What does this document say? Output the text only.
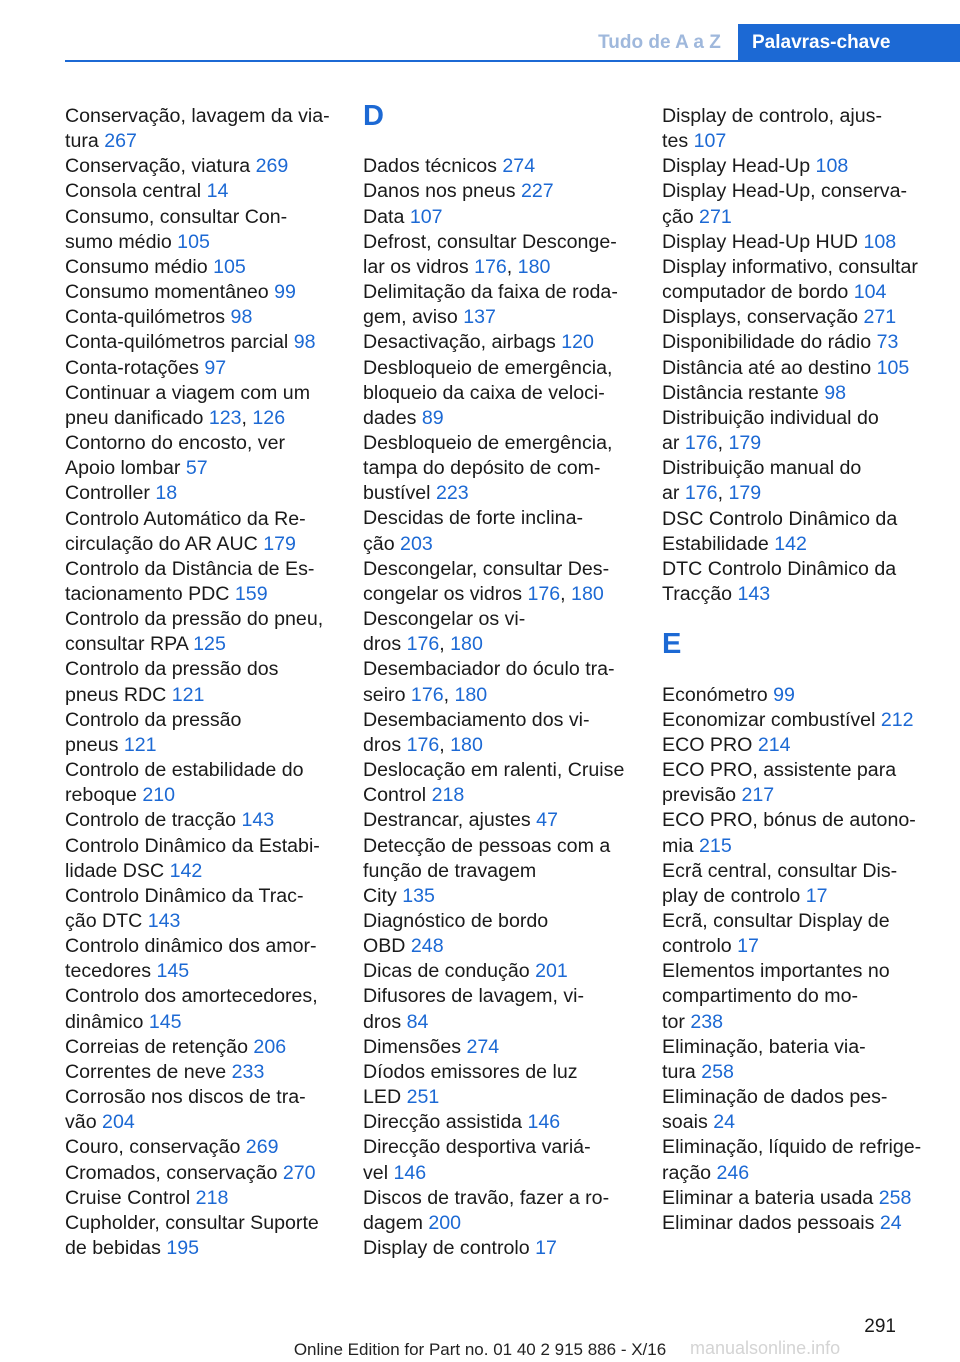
Tudo de A a Z	Palavras-chave
Conservação, lavagem da via-
tura 267
Conservação, viatura 269
Consola central 14
Consumo, consultar Con-
sumo médio 105
Consumo médio 105
Consumo momentâneo 99
Conta-quilómetros 98
Conta-quilómetros parcial 98
Conta-rotações 97
Continuar a viagem com um
pneu danificado 123, 126
Contorno do encosto, ver
Apoio lombar 57
Controller 18
Controlo Automático da Re-
circulação do AR AUC 179
Controlo da Distância de Es-
tacionamento PDC 159
Controlo da pressão do pneu,
consultar RPA 125
Controlo da pressão dos
pneus RDC 121
Controlo da pressão
pneus 121
Controlo de estabilidade do
reboque 210
Controlo de tracção 143
Controlo Dinâmico da Estabi-
lidade DSC 142
Controlo Dinâmico da Trac-
ção DTC 143
Controlo dinâmico dos amor-
tecedores 145
Controlo dos amortecedores,
dinâmico 145
Correias de retenção 206
Correntes de neve 233
Corrosão nos discos de tra-
vão 204
Couro, conservação 269
Cromados, conservação 270
Cruise Control 218
Cupholder, consultar Suporte
de bebidas 195
D
Dados técnicos 274
Danos nos pneus 227
Data 107
Defrost, consultar Desconge-
lar os vidros 176, 180
Delimitação da faixa de roda-
gem, aviso 137
Desactivação, airbags 120
Desbloqueio de emergência,
bloqueio da caixa de veloci-
dades 89
Desbloqueio de emergência,
tampa do depósito de com-
bustível 223
Descidas de forte inclina-
ção 203
Descongelar, consultar Des-
congelar os vidros 176, 180
Descongelar os vi-
dros 176, 180
Desembaciador do óculo tra-
seiro 176, 180
Desembaciamento dos vi-
dros 176, 180
Deslocação em ralenti, Cruise
Control 218
Destrancar, ajustes 47
Detecção de pessoas com a
função de travagem
City 135
Diagnóstico de bordo
OBD 248
Dicas de condução 201
Difusores de lavagem, vi-
dros 84
Dimensões 274
Díodos emissores de luz
LED 251
Direcção assistida 146
Direcção desportiva variá-
vel 146
Discos de travão, fazer a ro-
dagem 200
Display de controlo 17
Display de controlo, ajus-
tes 107
Display Head-Up 108
Display Head-Up, conserva-
ção 271
Display Head-Up HUD 108
Display informativo, consultar
computador de bordo 104
Displays, conservação 271
Disponibilidade do rádio 73
Distância até ao destino 105
Distância restante 98
Distribuição individual do
ar 176, 179
Distribuição manual do
ar 176, 179
DSC Controlo Dinâmico da
Estabilidade 142
DTC Controlo Dinâmico da
Tracção 143
E
Económetro 99
Economizar combustível 212
ECO PRO 214
ECO PRO, assistente para
previsão 217
ECO PRO, bónus de autono-
mia 215
Ecrã central, consultar Dis-
play de controlo 17
Ecrã, consultar Display de
controlo 17
Elementos importantes no
compartimento do mo-
tor 238
Eliminação, bateria via-
tura 258
Eliminação de dados pes-
soais 24
Eliminação, líquido de refrige-
ração 246
Eliminar a bateria usada 258
Eliminar dados pessoais 24
291
Online Edition for Part no. 01 40 2 915 886 - X/16	manualsonline.info
